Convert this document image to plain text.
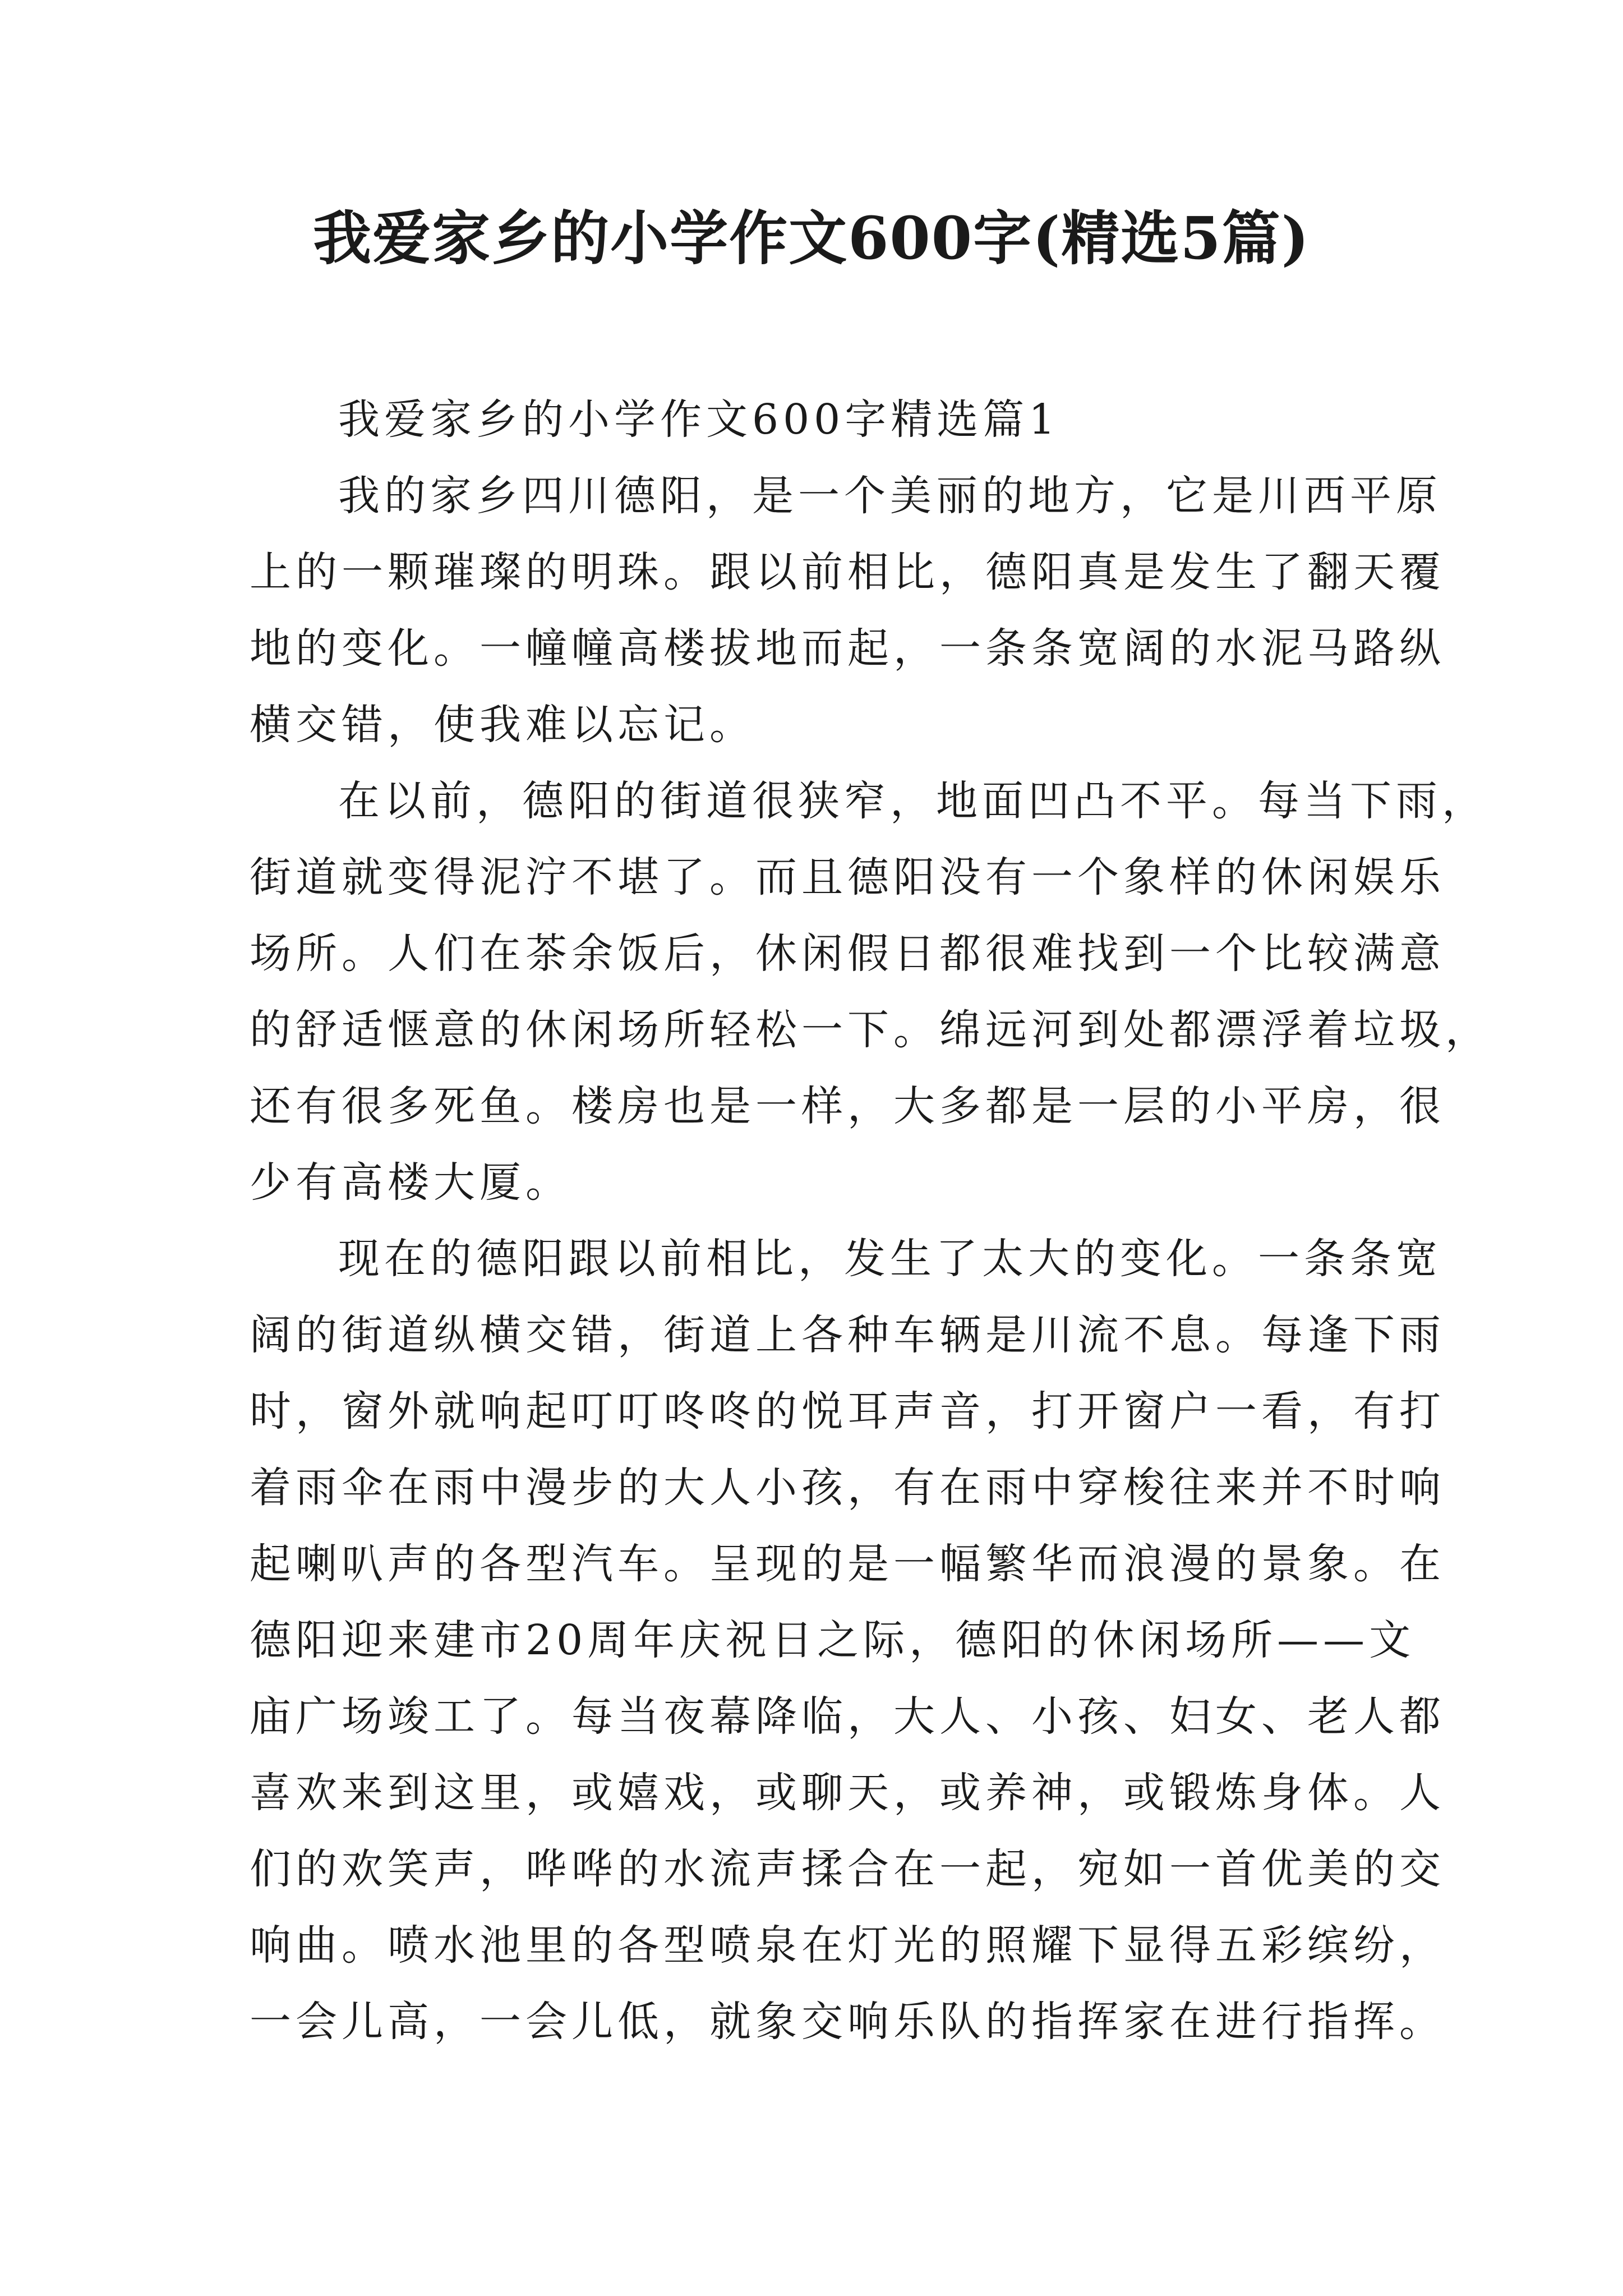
我爱家乡的小学作文600字(精选5篇)
我爱家乡的小学作文600字精选篇1
我的家乡四川德阳，是一个美丽的地方，它是川西平原
上的一颗璀璨的明珠。跟以前相比，德阳真是发生了翻天覆
地的变化。一幢幢高楼拔地而起，一条条宽阔的水泥马路纵
横交错，使我难以忘记。
在以前，德阳的街道很狭窄，地面凹凸不平。每当下雨，
街道就变得泥泞不堪了。而且德阳没有一个象样的休闲娱乐
场所。人们在茶余饭后，休闲假日都很难找到一个比较满意
的舒适惬意的休闲场所轻松一下。绵远河到处都漂浮着垃圾，
还有很多死鱼。楼房也是一样，大多都是一层的小平房，很
少有高楼大厦。
现在的德阳跟以前相比，发生了太大的变化。一条条宽
阔的街道纵横交错，街道上各种车辆是川流不息。每逢下雨
时，窗外就响起叮叮咚咚的悦耳声音，打开窗户一看，有打
着雨伞在雨中漫步的大人小孩，有在雨中穿梭往来并不时响
起喇叭声的各型汽车。呈现的是一幅繁华而浪漫的景象。在
德阳迎来建市20周年庆祝日之际，德阳的休闲场所——文
庙广场竣工了。每当夜幕降临，大人、小孩、妇女、老人都
喜欢来到这里，或嬉戏，或聊天，或养神，或锻炼身体。人
们的欢笑声，哗哗的水流声揉合在一起，宛如一首优美的交
响曲。喷水池里的各型喷泉在灯光的照耀下显得五彩缤纷，
一会儿高，一会儿低，就象交响乐队的指挥家在进行指挥。
